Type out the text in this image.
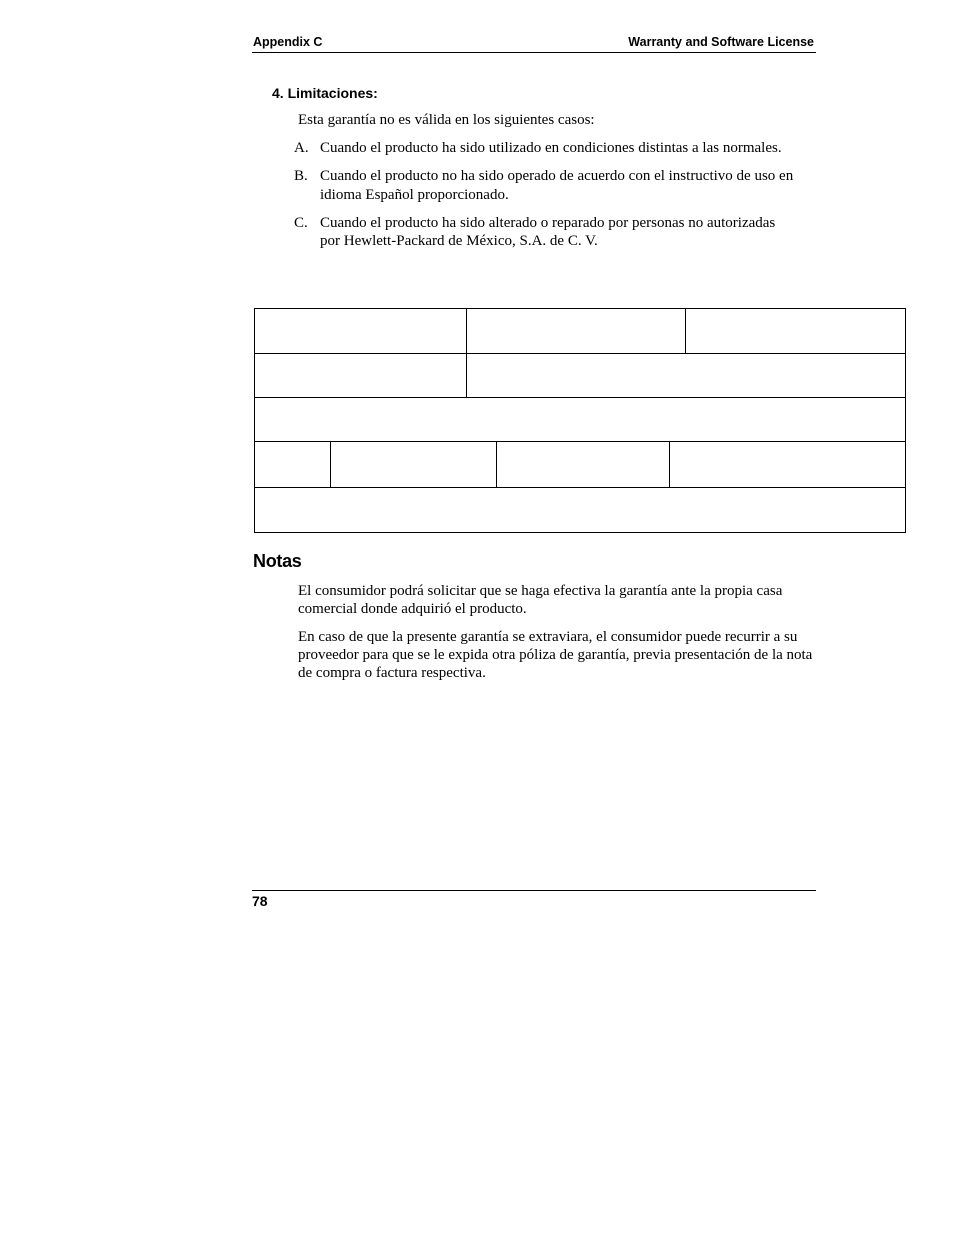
Appendix C	Warranty and Software License
4. Limitaciones:
Esta garantía no es válida en los siguientes casos:
A. Cuando el producto ha sido utilizado en condiciones distintas a las normales.
B. Cuando el producto no ha sido operado de acuerdo con el instructivo de uso en idioma Español proporcionado.
C. Cuando el producto ha sido alterado o reparado por personas no autorizadas por Hewlett-Packard de México, S.A. de C. V.
Notas

El consumidor podrá solicitar que se haga efectiva la garantía ante la propia casa comercial donde adquirió el producto.

En caso de que la presente garantía se extraviara, el consumidor puede recurrir a su proveedor para que se le expida otra póliza de garantía, previa presentación de la nota de compra o factura respectiva.

78
